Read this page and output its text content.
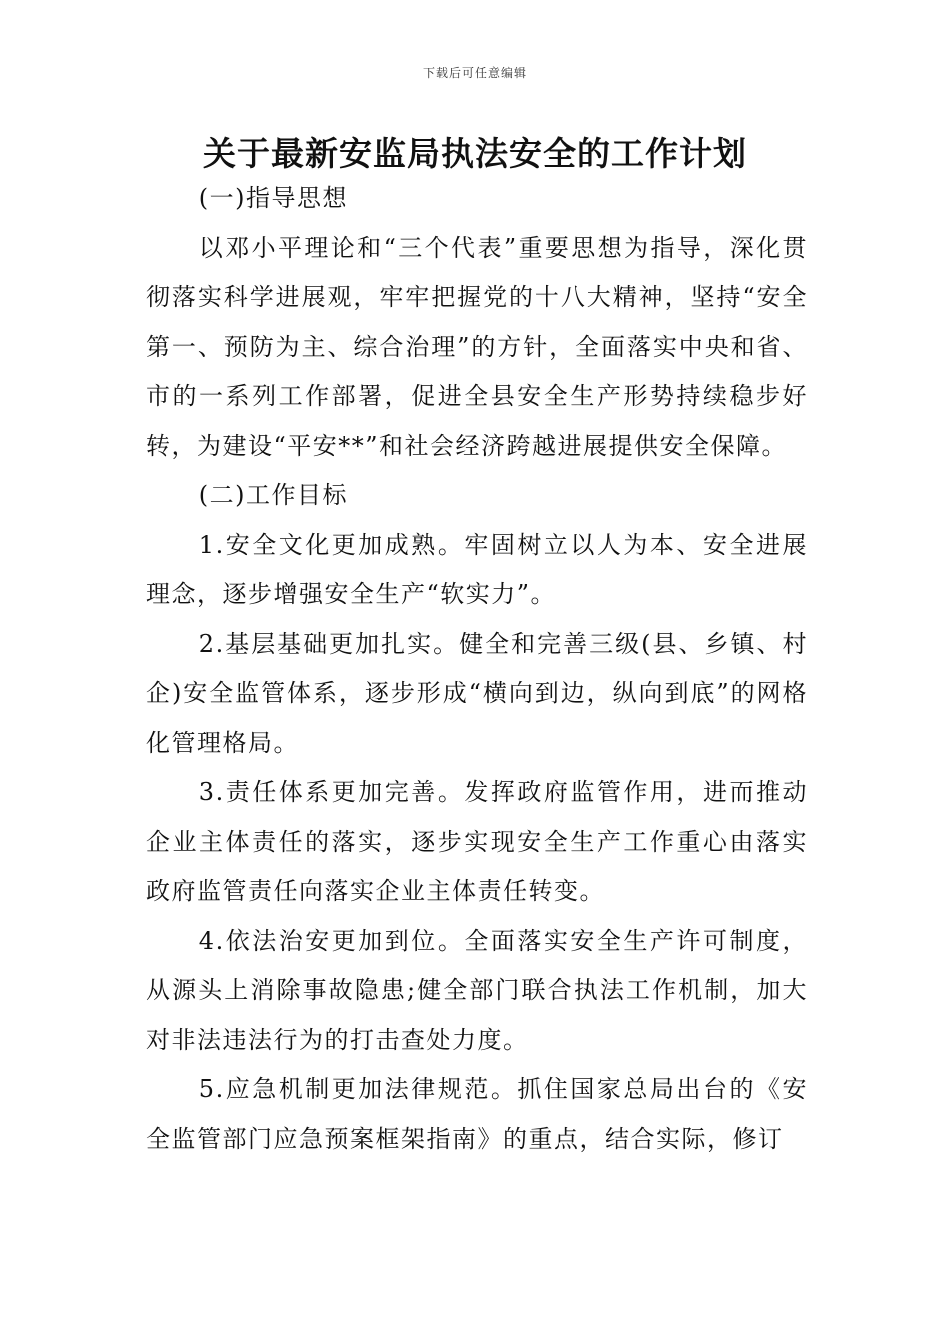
下载后可任意编辑
关于最新安监局执法安全的工作计划

(一)指导思想

以邓小平理论和“三个代表”重要思想为指导，深化贯彻落实科学进展观，牢牢把握党的十八大精神，坚持“安全第一、预防为主、综合治理”的方针，全面落实中央和省、市的一系列工作部署，促进全县安全生产形势持续稳步好转，为建设“平安**”和社会经济跨越进展提供安全保障。

(二)工作目标

1.安全文化更加成熟。牢固树立以人为本、安全进展理念，逐步增强安全生产“软实力”。

2.基层基础更加扎实。健全和完善三级(县、乡镇、村企)安全监管体系，逐步形成“横向到边，纵向到底”的网格化管理格局。

3.责任体系更加完善。发挥政府监管作用，进而推动企业主体责任的落实，逐步实现安全生产工作重心由落实政府监管责任向落实企业主体责任转变。

4.依法治安更加到位。全面落实安全生产许可制度，从源头上消除事故隐患;健全部门联合执法工作机制，加大对非法违法行为的打击查处力度。

5.应急机制更加法律规范。抓住国家总局出台的《安全监管部门应急预案框架指南》的重点，结合实际，修订
